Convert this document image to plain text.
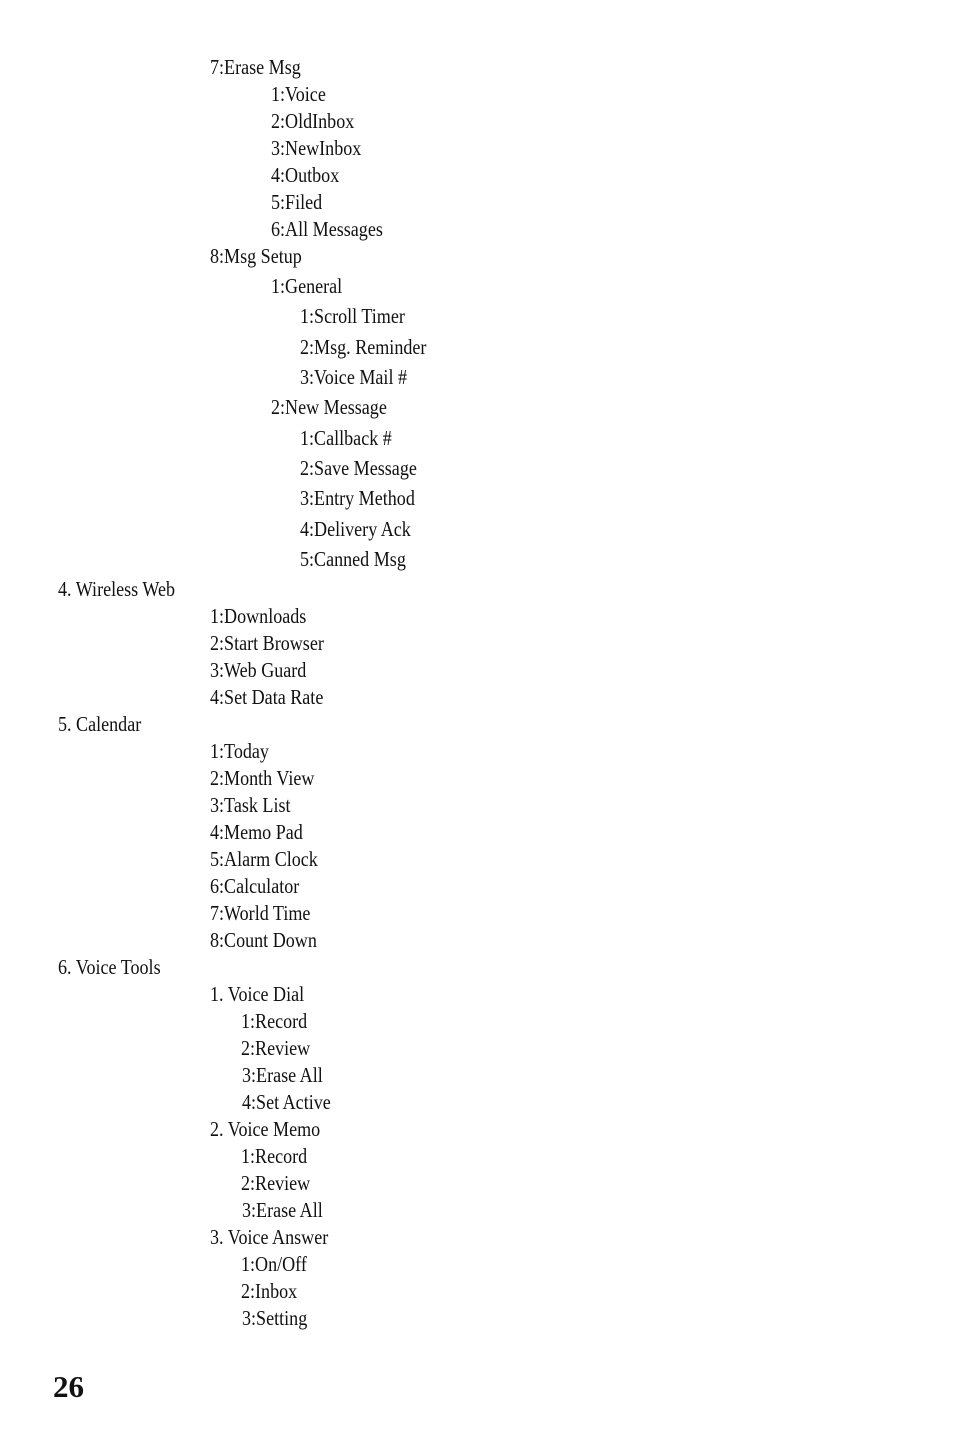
7:Erase Msg
1:Voice
2:OldInbox
3:NewInbox
4:Outbox
5:Filed
6:All Messages
8:Msg Setup
1:General
1:Scroll Timer
2:Msg. Reminder
3:Voice Mail #
2:New Message
1:Callback #
2:Save Message
3:Entry Method
4:Delivery Ack
5:Canned Msg
4. Wireless Web
1:Downloads
2:Start Browser
3:Web Guard
4:Set Data Rate
5. Calendar
1:Today
2:Month View
3:Task List
4:Memo Pad
5:Alarm Clock
6:Calculator
7:World Time
8:Count Down
6. Voice Tools
1. Voice Dial
1:Record
2:Review
3:Erase All
4:Set Active
2. Voice Memo
1:Record
2:Review
3:Erase All
3. Voice Answer
1:On/Off
2:Inbox
3:Setting
26
